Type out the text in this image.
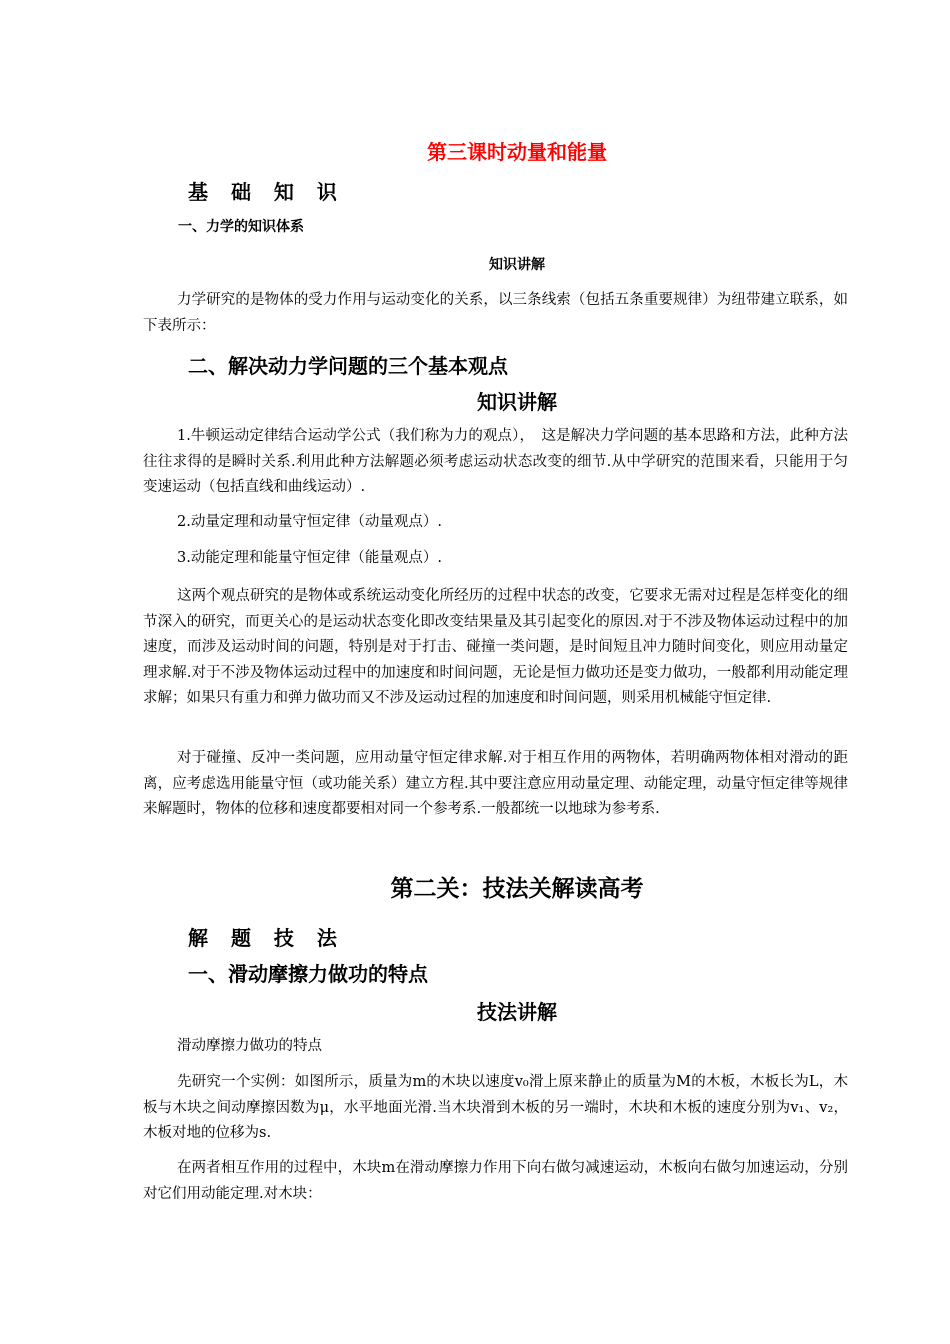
第三课时动量和能量
基 础 知 识
一、力学的知识体系
知识讲解

力学研究的是物体的受力作用与运动变化的关系，以三条线索（包括五条重要规律）为纽带建立联系，如下表所示：

二、解决动力学问题的三个基本观点
知识讲解

1.牛顿运动定律结合运动学公式（我们称为力的观点），　这是解决力学问题的基本思路和方法，此种方法往往求得的是瞬时关系.利用此种方法解题必须考虑运动状态改变的细节.从中学研究的范围来看，只能用于匀变速运动（包括直线和曲线运动）.

2.动量定理和动量守恒定律（动量观点）.

3.动能定理和能量守恒定律（能量观点）.

这两个观点研究的是物体或系统运动变化所经历的过程中状态的改变，它要求无需对过程是怎样变化的细节深入的研究，而更关心的是运动状态变化即改变结果量及其引起变化的原因.对于不涉及物体运动过程中的加速度，而涉及运动时间的问题，特别是对于打击、碰撞一类问题，是时间短且冲力随时间变化，则应用动量定理求解.对于不涉及物体运动过程中的加速度和时间问题，无论是恒力做功还是变力做功，一般都利用动能定理求解；如果只有重力和弹力做功而又不涉及运动过程的加速度和时间问题，则采用机械能守恒定律.

对于碰撞、反冲一类问题，应用动量守恒定律求解.对于相互作用的两物体，若明确两物体相对滑动的距离，应考虑选用能量守恒（或功能关系）建立方程.其中要注意应用动量定理、动能定理，动量守恒定律等规律来解题时，物体的位移和速度都要相对同一个参考系.一般都统一以地球为参考系.

第二关：技法关解读高考
解 题 技 法
一、滑动摩擦力做功的特点
技法讲解

滑动摩擦力做功的特点

先研究一个实例：如图所示，质量为m的木块以速度v₀滑上原来静止的质量为M的木板，木板长为L，木板与木块之间动摩擦因数为μ，水平地面光滑.当木块滑到木板的另一端时，木块和木板的速度分别为v₁、v₂，木板对地的位移为s.

在两者相互作用的过程中，木块m在滑动摩擦力作用下向右做匀减速运动，木板向右做匀加速运动，分别对它们用动能定理.对木块：
